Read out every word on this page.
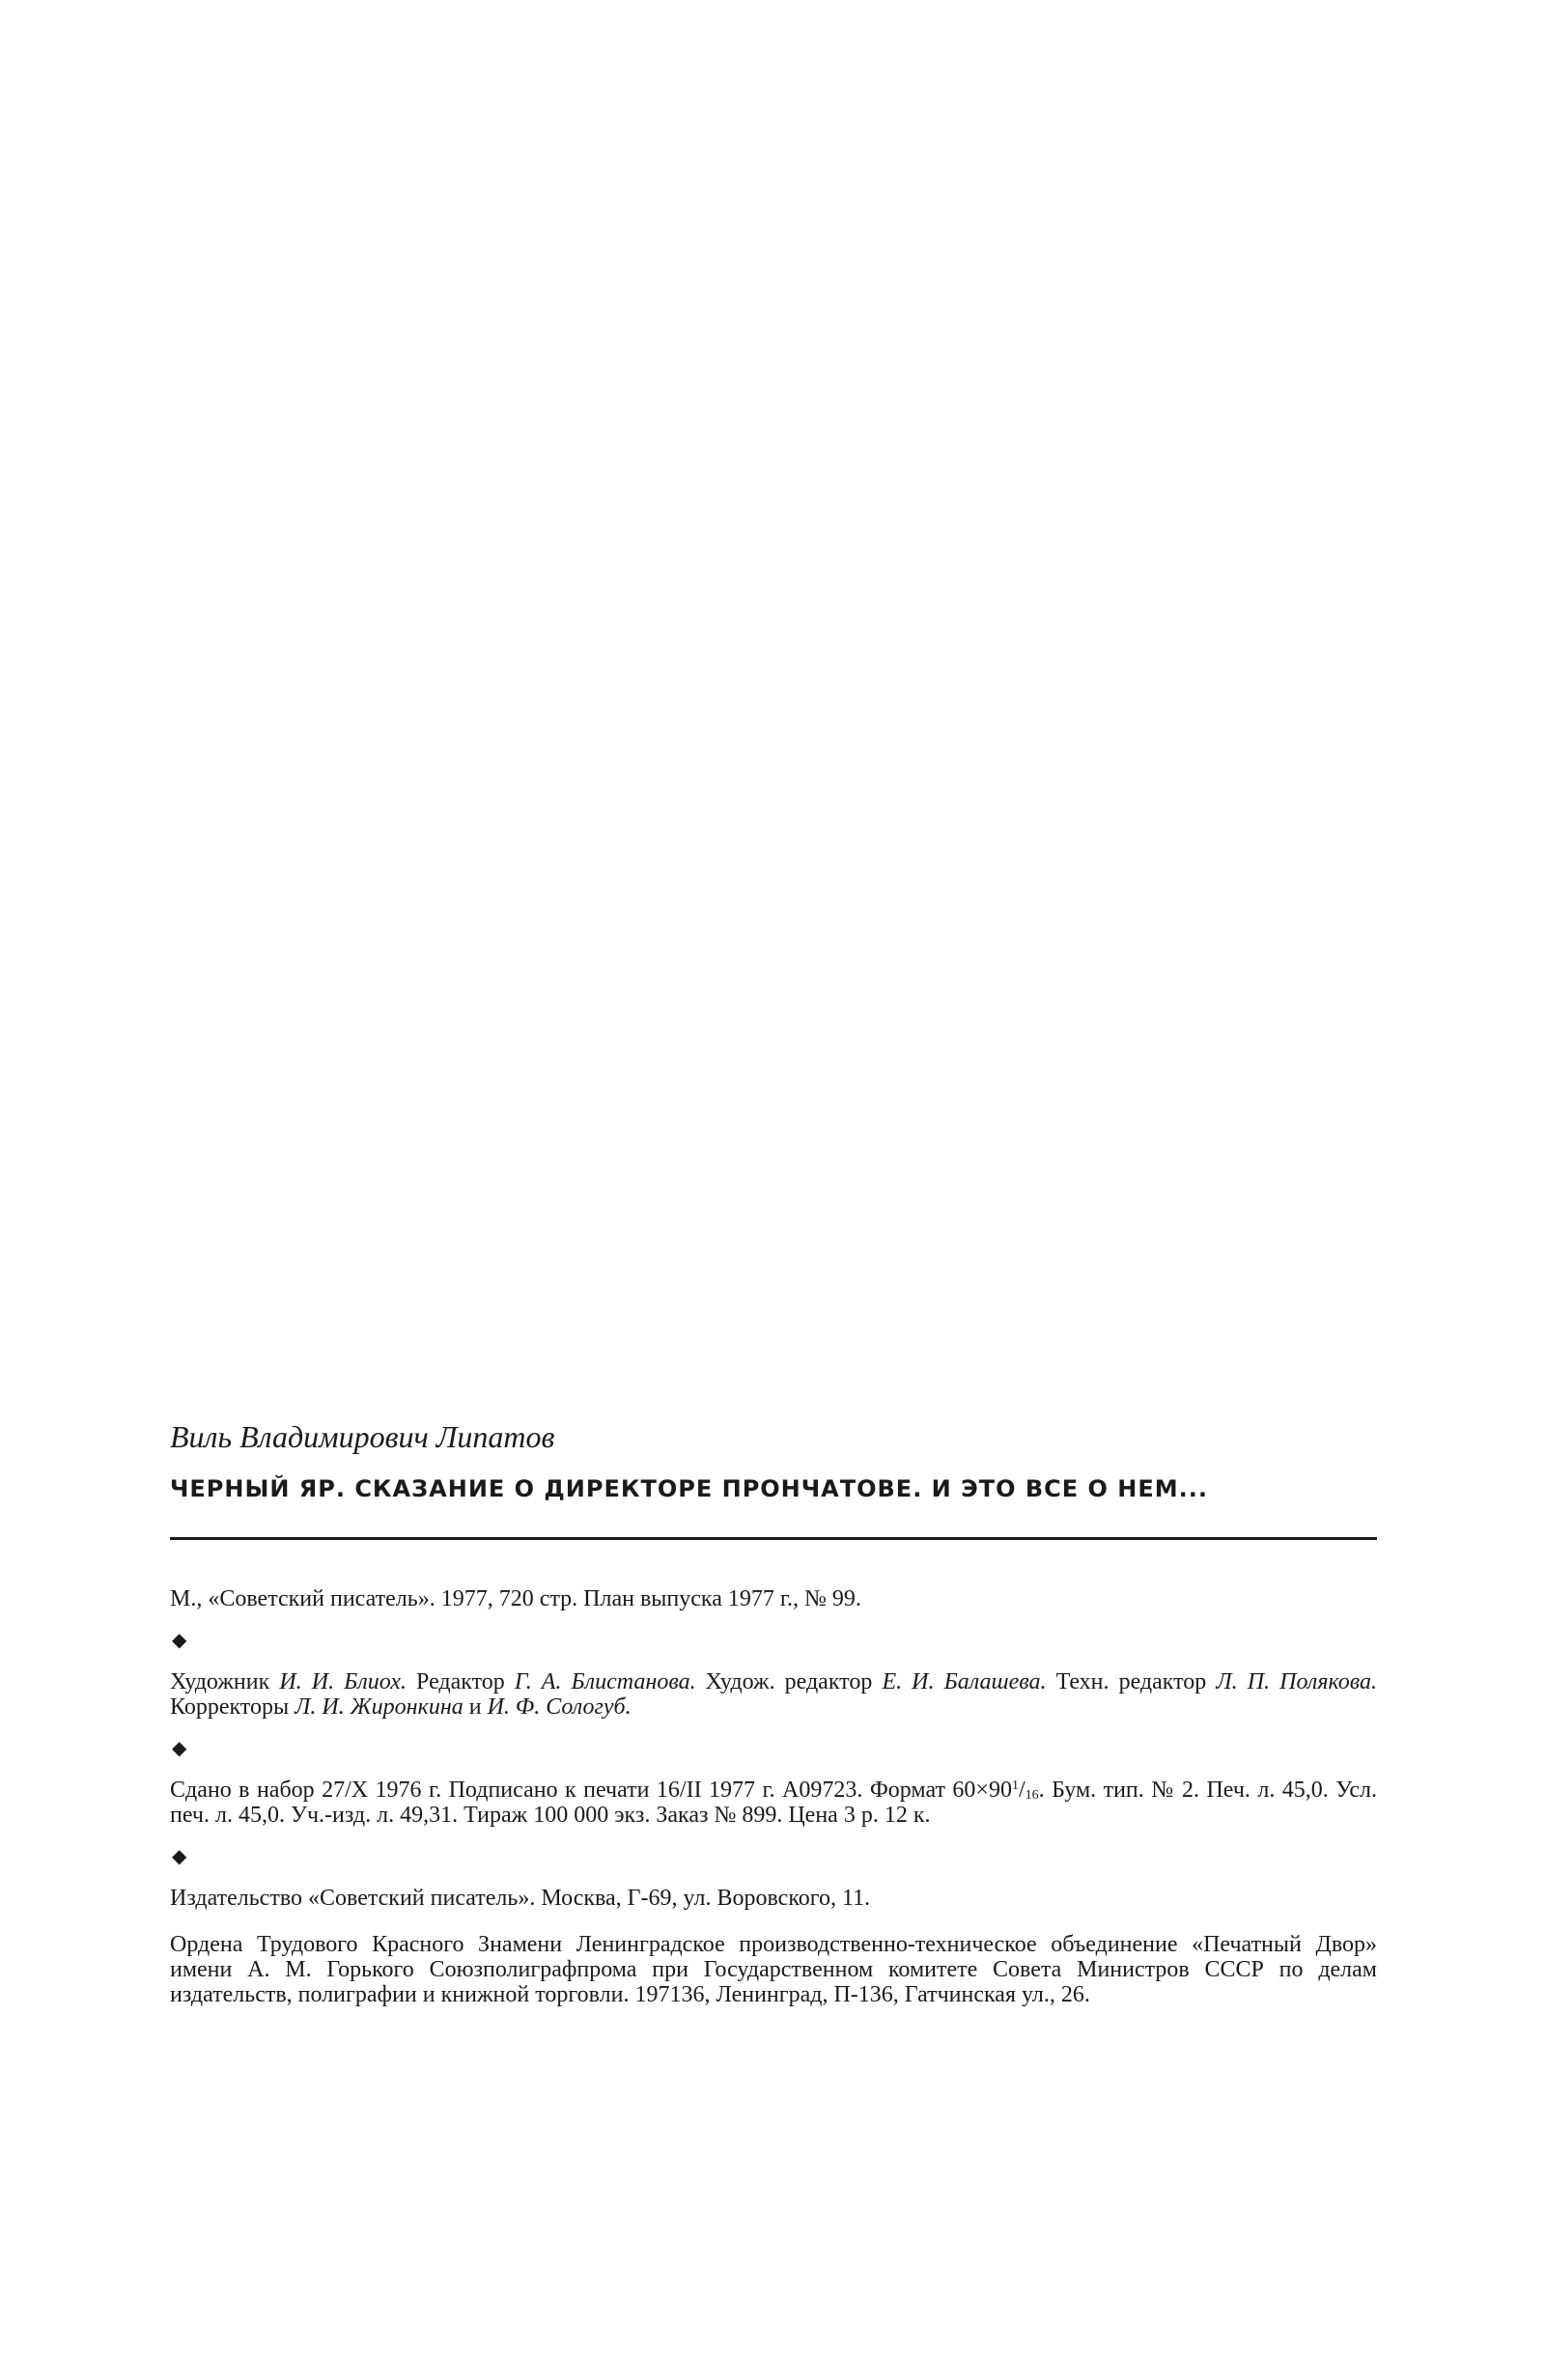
Виль Владимирович Липатов
ЧЕРНЫЙ ЯР. СКАЗАНИЕ О ДИРЕКТОРЕ ПРОНЧАТОВЕ. И ЭТО ВСЕ О НЕМ...

М., «Советский писатель». 1977, 720 стр. План выпуска 1977 г., № 99.

◆

Художник И. И. Блиох. Редактор Г. А. Блистанова. Худож. редактор Е. И. Балашева. Техн. редактор Л. П. Полякова. Корректоры Л. И. Жиронкина и И. Ф. Сологуб.

◆

Сдано в набор 27/X 1976 г. Подписано к печати 16/II 1977 г. А09723. Формат $60\times 90^1/_{16}$. Бум. тип. № 2. Печ. л. 45,0. Усл. печ. л. 45,0. Уч.-изд. л. 49,31. Тираж 100 000 экз. Заказ № 899. Цена 3 р. 12 к.

◆

Издательство «Советский писатель». Москва, Г-69, ул. Воровского, 11.

Ордена Трудового Красного Знамени Ленинградское производственно-техническое объединение «Печатный Двор» имени А. М. Горького Союзполиграфпрома при Государственном комитете Совета Министров СССР по делам издательств, полиграфии и книжной торговли. 197136, Ленинград, П-136, Гатчинская ул., 26.
